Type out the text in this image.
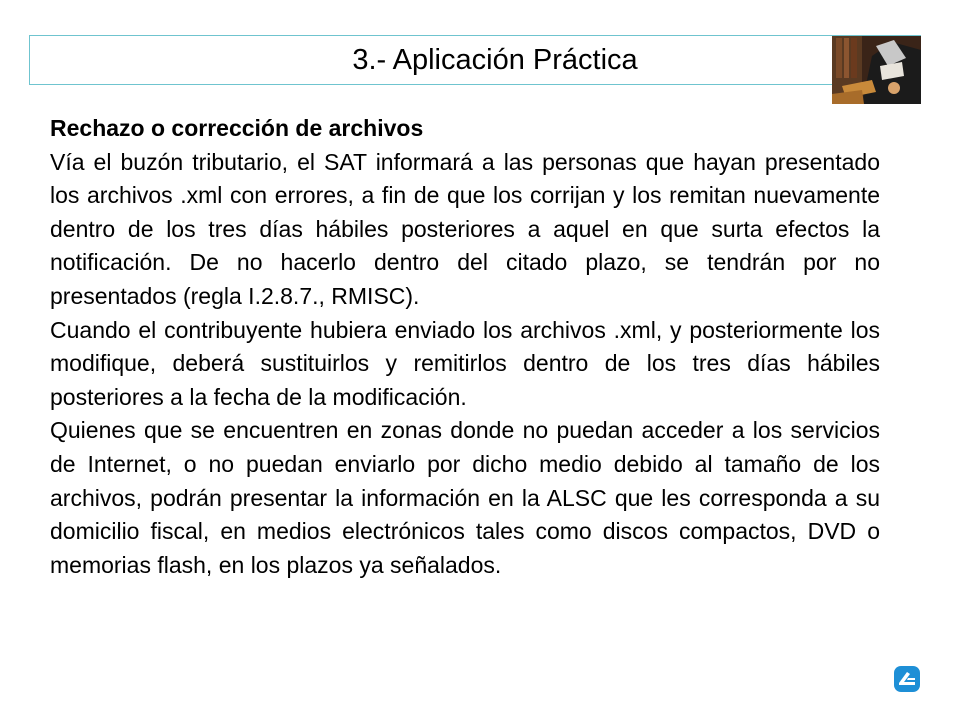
3.- Aplicación Práctica

Rechazo o corrección de archivos

Vía el buzón tributario, el SAT informará a las personas que hayan presentado los archivos .xml con errores, a fin de que los corrijan y los remitan nuevamente dentro de los tres días hábiles posteriores a aquel en que surta efectos la notificación. De no hacerlo dentro del citado plazo, se tendrán por no presentados (regla I.2.8.7., RMISC).

Cuando el contribuyente hubiera enviado los archivos .xml, y posteriormente los modifique, deberá sustituirlos y remitirlos dentro de los tres días hábiles posteriores a la fecha de la modificación.

Quienes que se encuentren en zonas donde no puedan acceder a los servicios de Internet, o no puedan enviarlo por dicho medio debido al tamaño de los archivos, podrán presentar la información en la ALSC que les corresponda a su domicilio fiscal, en medios electrónicos tales como discos compactos, DVD o memorias flash, en los plazos ya señalados.
